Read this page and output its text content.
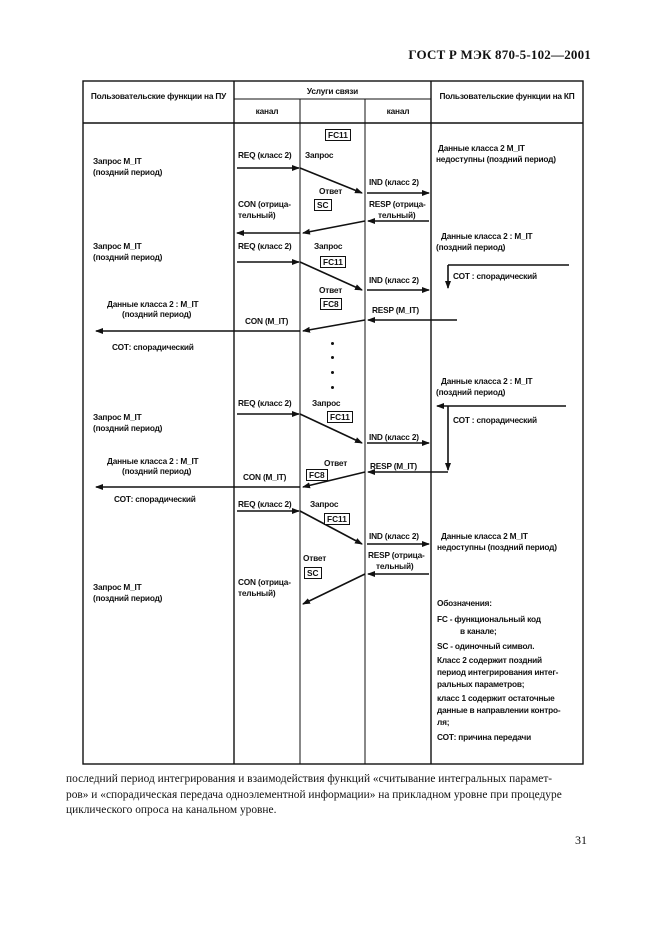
ГОСТ Р МЭК 870-5-102—2001
Пользовательские функции на ПУ	Пользовательские функции на КП
Услуги связи
канал	канал
FC11
Запрос М_IT
(поздний период)
REQ (класс 2) Запрос
Данные класса 2 M_IT
недоступны (поздний период)
IND (класс 2)
Ответ
SC
CON (отрица-
тельный)
RESP (отрица-
тельный)
Данные класса 2 : M_IT
(поздний период)
Запрос М_IT
(поздний период)
REQ (класс 2)	Запрос
FC11
СОТ : спорадический
IND (класс 2)
Ответ
FC8
Данные класса 2 : M_IT
(поздний период)	RESP (M_IT)
CON (M_IT)
СОТ: спорадический
Данные класса 2 : M_IT
(поздний период)
REQ (класс 2) Запрос
Запрос М_IT
(поздний период)
FC11	СОТ : спорадический
IND (класс 2)
Данные класса 2 : M_IT
(поздний период)
Ответ	RESP (M_IT)
FC8
CON (M_IT)
СОТ: спорадический	REQ (класс 2) Запрос
FC11
IND (класс 2)	Данные класса 2 M_IT
недоступны (поздний период)
Ответ	RESP (отрица-
тельный)
SC
CON (отрица-
тельный)
Запрос М_IT
(поздний период)	Обозначения:
FC - функциональный код
в канале;
SC - одиночный символ.
Класс 2 содержит поздний
период интегрирования интег-
ральных параметров;
класс 1 содержит остаточные
данные в направлении контро-
ля;
СОТ: причина передачи
последний период интегрирования и взаимодействия функций «считывание интегральных парамет-
ров» и «спорадическая передача одноэлементной информации» на прикладном уровне при процедуре
циклического опроса на канальном уровне.
31
